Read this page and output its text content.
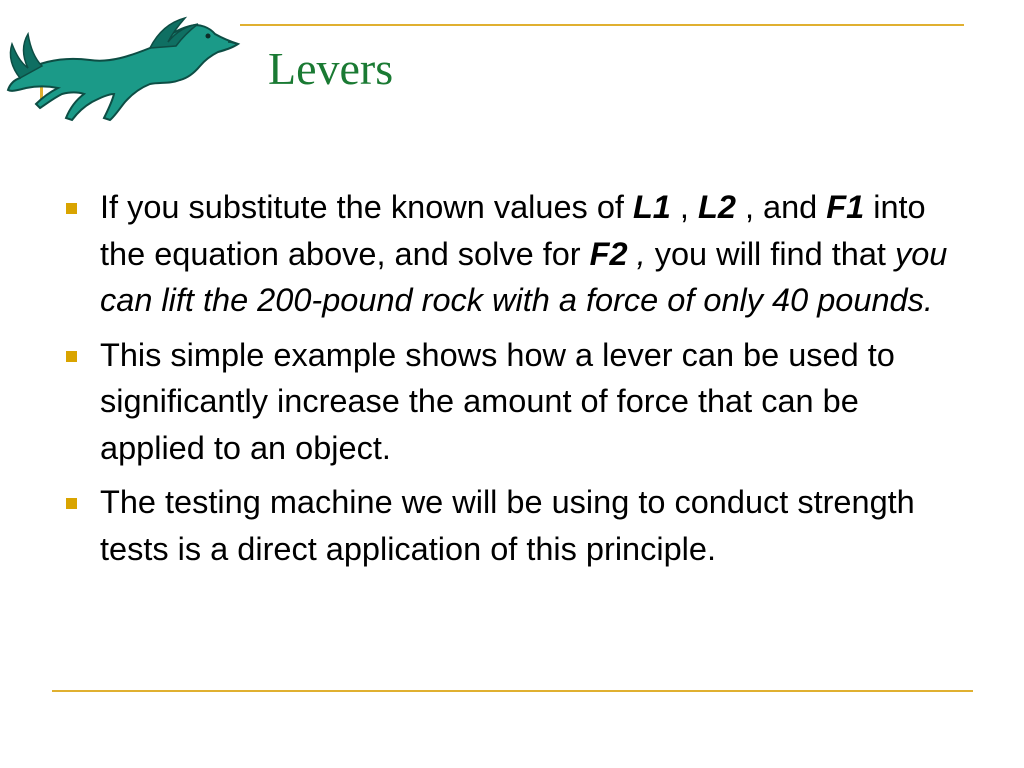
Levers
If you substitute the known values of L1 , L2 , and F1 into the equation above, and solve for F2 , you will find that you can lift the 200-pound rock with a force of only 40 pounds.
This simple example shows how a lever can be used to significantly increase the amount of force that can be applied to an object.
The testing machine we will be using to conduct strength tests is a direct application of this principle.
